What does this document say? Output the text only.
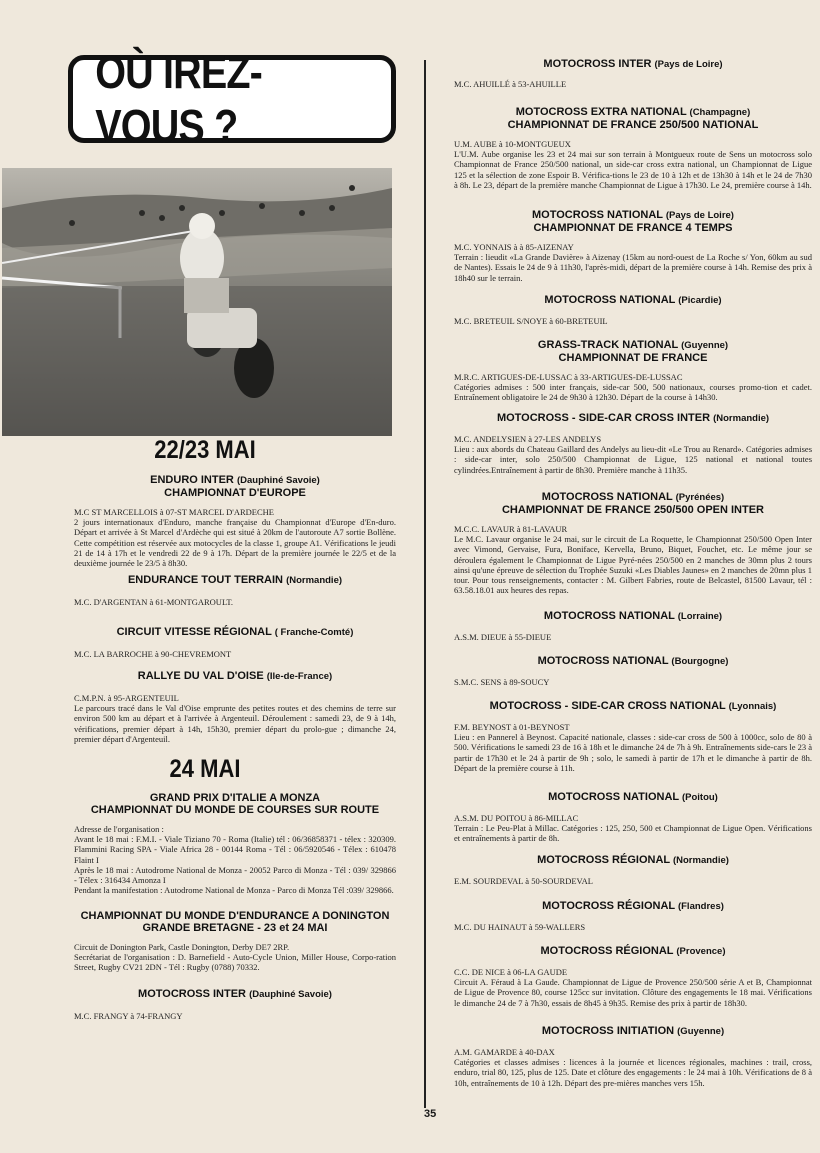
OÙ IREZ-VOUS ?
22/23 MAI
24 MAI

ENDURO INTER (Dauphiné Savoie)

CHAMPIONNAT D'EUROPE

M.C ST MARCELLOIS à 07-ST MARCEL D'ARDECHE

2 jours internationaux d'Enduro, manche française du Championnat d'Europe d'En-duro. Départ et arrivée à St Marcel d'Ardèche qui est situé à 20km de l'autoroute A7 sortie Bollène. Cette compétition est réservée aux motocycles de la classe 1, groupe A1. Vérifications le jeudi 21 de 14 à 17h et le vendredi 22 de 9 à 17h. Départ de la première journée le 22/5 et de la deuxième journée le 23/5 à 8h30.

ENDURANCE TOUT TERRAIN (Normandie)

M.C. D'ARGENTAN à 61-MONTGAROULT.

CIRCUIT VITESSE RÉGIONAL ( Franche-Comté)

M.C. LA BARROCHE à 90-CHEVREMONT

RALLYE DU VAL D'OISE (Ile-de-France)

C.M.P.N. à 95-ARGENTEUIL

Le parcours tracé dans le Val d'Oise emprunte des petites routes et des chemins de terre sur environ 500 km au départ et à l'arrivée à Argenteuil. Déroulement : samedi 23, de 9 à 14h, vérifications, premier départ à 14h, 15h30, premier départ du prolo-gue ; dimanche 24, premier départ d'Argenteuil.

GRAND PRIX D'ITALIE A MONZA

CHAMPIONNAT DU MONDE DE COURSES SUR ROUTE

Adresse de l'organisation :

Avant le 18 mai : F.M.I. - Viale Tiziano 70 - Roma (Italie) tél : 06/36858371 - télex : 320309. Flammini Racing SPA - Viale Africa 28 - 00144 Roma - Tél : 06/5920546 - Télex : 610478 Flaint I

Après le 18 mai : Autodrome National de Monza - 20052 Parco di Monza - Tél : 039/ 329866 - Télex : 316434 Amonza I

Pendant la manifestation : Autodrome National de Monza - Parco di Monza Tél :039/ 329866.

CHAMPIONNAT DU MONDE D'ENDURANCE A DONINGTON

GRANDE BRETAGNE - 23 et 24 MAI

Circuit de Donington Park, Castle Donington, Derby DE7 2RP.

Secrétariat de l'organisation : D. Barnefield - Auto-Cycle Union, Miller House, Corpo-ration Street, Rugby CV21 2DN - Tél : Rugby (0788) 70332.

MOTOCROSS INTER (Dauphiné Savoie)

M.C. FRANGY à 74-FRANGY

MOTOCROSS INTER (Pays de Loire)

M.C. AHUILLÉ à 53-AHUILLE

MOTOCROSS EXTRA NATIONAL (Champagne)

CHAMPIONNAT DE FRANCE 250/500 NATIONAL

U.M. AUBE à 10-MONTGUEUX

L'U.M. Aube organise les 23 et 24 mai sur son terrain à Montgueux route de Sens un motocross solo Championnat de France 250/500 national, un side-car cross extra national, un Championnat de Ligue 125 et la sélection de zone Espoir B. Vérifica-tions le 23 de 10 à 12h et de 13h30 à 14h et le 24 de 7h30 à 8h. Le 23, départ de la première manche Championnat de Ligue à 17h30. Le 24, première course à 14h.

MOTOCROSS NATIONAL (Pays de Loire)

CHAMPIONNAT DE FRANCE 4 TEMPS

M.C. YONNAIS à à 85-AIZENAY

Terrain : lieudit «La Grande Davière» à Aizenay (15km au nord-ouest de La Roche s/ Yon, 60km au sud de Nantes). Essais le 24 de 9 à 11h30, l'après-midi, départ de la première course à 14h. Remise des prix à 18h40 sur le terrain.

MOTOCROSS NATIONAL (Picardie)

M.C. BRETEUIL S/NOYE à 60-BRETEUIL

GRASS-TRACK NATIONAL (Guyenne)

CHAMPIONNAT DE FRANCE

M.R.C. ARTIGUES-DE-LUSSAC à 33-ARTIGUES-DE-LUSSAC

Catégories admises : 500 inter français, side-car 500, 500 nationaux, courses promo-tion et cadet. Entraînement obligatoire le 24 de 9h30 à 12h30. Départ de la course à 14h30.

MOTOCROSS - SIDE-CAR CROSS INTER (Normandie)

M.C. ANDELYSIEN à 27-LES ANDELYS

Lieu : aux abords du Chateau Gaillard des Andelys au lieu-dit «Le Trou au Renard». Catégories admises : side-car inter, solo 250/500 Championnat de Ligue, 125 national et national toutes cylindrées.Entraînement à partir de 8h30. Première manche à 11h35.

MOTOCROSS NATIONAL (Pyrénées)

CHAMPIONNAT DE FRANCE 250/500 OPEN INTER

M.C.C. LAVAUR à 81-LAVAUR

Le M.C. Lavaur organise le 24 mai, sur le circuit de La Roquette, le Championnat 250/500 Open Inter avec Vimond, Gervaise, Fura, Boniface, Kervella, Bruno, Biquet, Fouchet, etc. Le même jour se déroulera également le Championnat de Ligue Pyré-nées 250/500 en 2 manches de 30mn plus 2 tours ainsi qu'une épreuve de sélection du Trophée Suzuki «Les Diables Jaunes» en 2 manches de 20mn plus 1 tour. Pour tous renseignements, contacter : M. Gilbert Fabries, route de Belcastel, 81500 Lavaur, tél : 63.58.18.01 aux heures des repas.

MOTOCROSS NATIONAL (Lorraine)

A.S.M. DIEUE à 55-DIEUE

MOTOCROSS NATIONAL (Bourgogne)

S.M.C. SENS à 89-SOUCY

MOTOCROSS - SIDE-CAR CROSS NATIONAL (Lyonnais)

F.M. BEYNOST à 01-BEYNOST

Lieu : en Pannerel à Beynost. Capacité nationale, classes : side-car cross de 500 à 1000cc, solo de 80 à 500. Vérifications le samedi 23 de 16 à 18h et le dimanche 24 de 7h à 9h. Entraînements side-cars le 23 à partir de 17h30 et le 24 à partir de 9h ; solo, le samedi à partir de 17h et le dimanche à partir de 8h. Départ de la première course à 11h.

MOTOCROSS NATIONAL (Poitou)

A.S.M. DU POITOU à 86-MILLAC

Terrain : Le Peu-Plat à Millac. Catégories : 125, 250, 500 et Championnat de Ligue Open. Vérifications et entraînements à partir de 8h.

MOTOCROSS RÉGIONAL (Normandie)

E.M. SOURDEVAL à 50-SOURDEVAL

MOTOCROSS RÉGIONAL (Flandres)

M.C. DU HAINAUT à 59-WALLERS

MOTOCROSS RÉGIONAL (Provence)

C.C. DE NICE à 06-LA GAUDE

Circuit A. Féraud à La Gaude. Championnat de Ligue de Provence 250/500 série A et B, Championnat de Ligue de Provence 80, course 125cc sur invitation. Clôture des engagements le 18 mai. Vérifications le dimanche 24 de 7 à 7h30, essais de 8h45 à 9h35. Remise des prix à partir de 18h30.

MOTOCROSS INITIATION (Guyenne)

A.M. GAMARDE à 40-DAX

Catégories et classes admises : licences à la journée et licences régionales, machines : trail, cross, enduro, trial 80, 125, plus de 125. Date et clôture des engagements : le 24 mai à 10h. Vérifications de 8 à 10h, entraînements de 10 à 12h. Départ des pre-mières manches vers 15h.

35
